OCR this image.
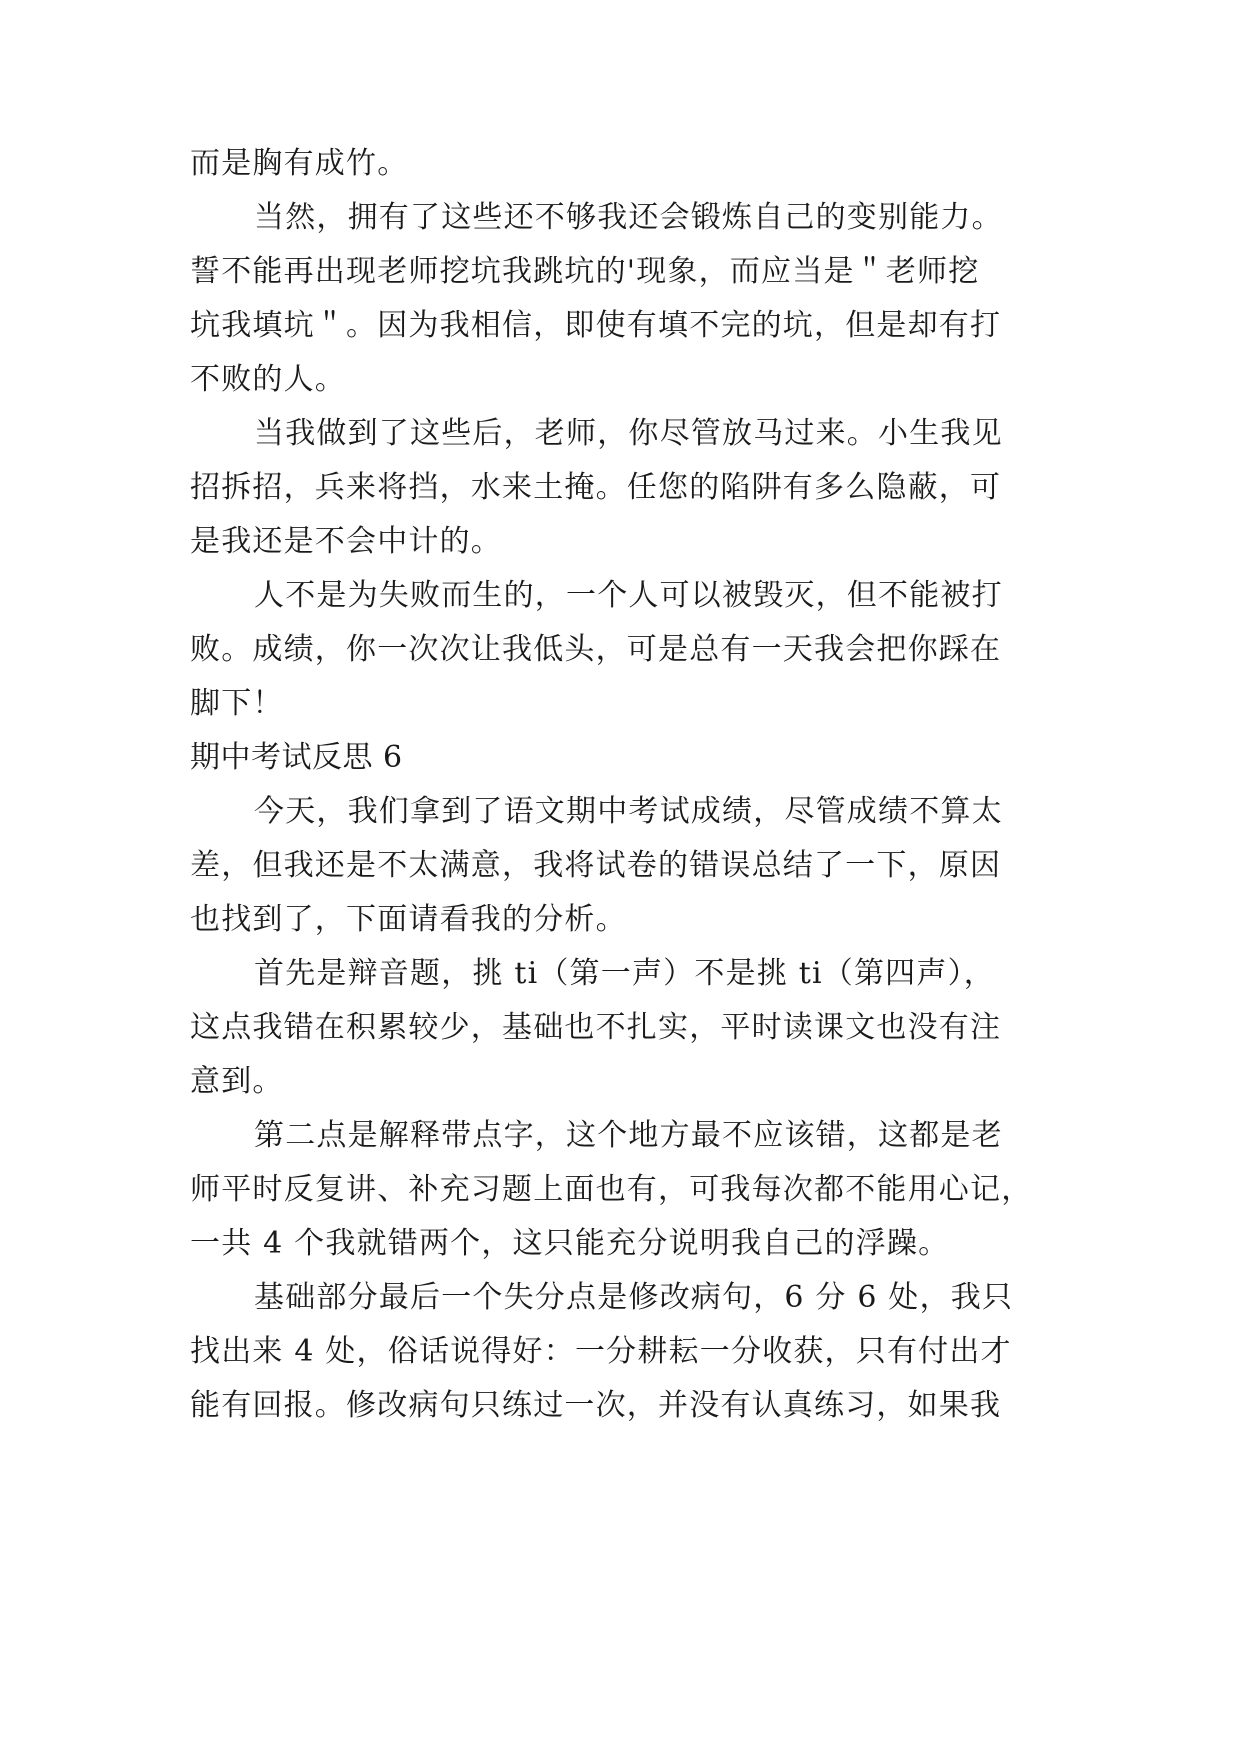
而是胸有成竹。
当然，拥有了这些还不够我还会锻炼自己的变别能力。
誓不能再出现老师挖坑我跳坑的'现象，而应当是＂老师挖
坑我填坑＂。因为我相信，即使有填不完的坑，但是却有打
不败的人。
当我做到了这些后，老师，你尽管放马过来。小生我见
招拆招，兵来将挡，水来土掩。任您的陷阱有多么隐蔽，可
是我还是不会中计的。
人不是为失败而生的，一个人可以被毁灭，但不能被打
败。成绩，你一次次让我低头，可是总有一天我会把你踩在
脚下！
期中考试反思 6
今天，我们拿到了语文期中考试成绩，尽管成绩不算太
差，但我还是不太满意，我将试卷的错误总结了一下，原因
也找到了，下面请看我的分析。
首先是辩音题，挑 ti（第一声）不是挑 ti（第四声），
这点我错在积累较少，基础也不扎实，平时读课文也没有注
意到。
第二点是解释带点字，这个地方最不应该错，这都是老
师平时反复讲、补充习题上面也有，可我每次都不能用心记，
一共 4 个我就错两个，这只能充分说明我自己的浮躁。
基础部分最后一个失分点是修改病句，6 分 6 处，我只
找出来 4 处，俗话说得好：一分耕耘一分收获，只有付出才
能有回报。修改病句只练过一次，并没有认真练习，如果我
